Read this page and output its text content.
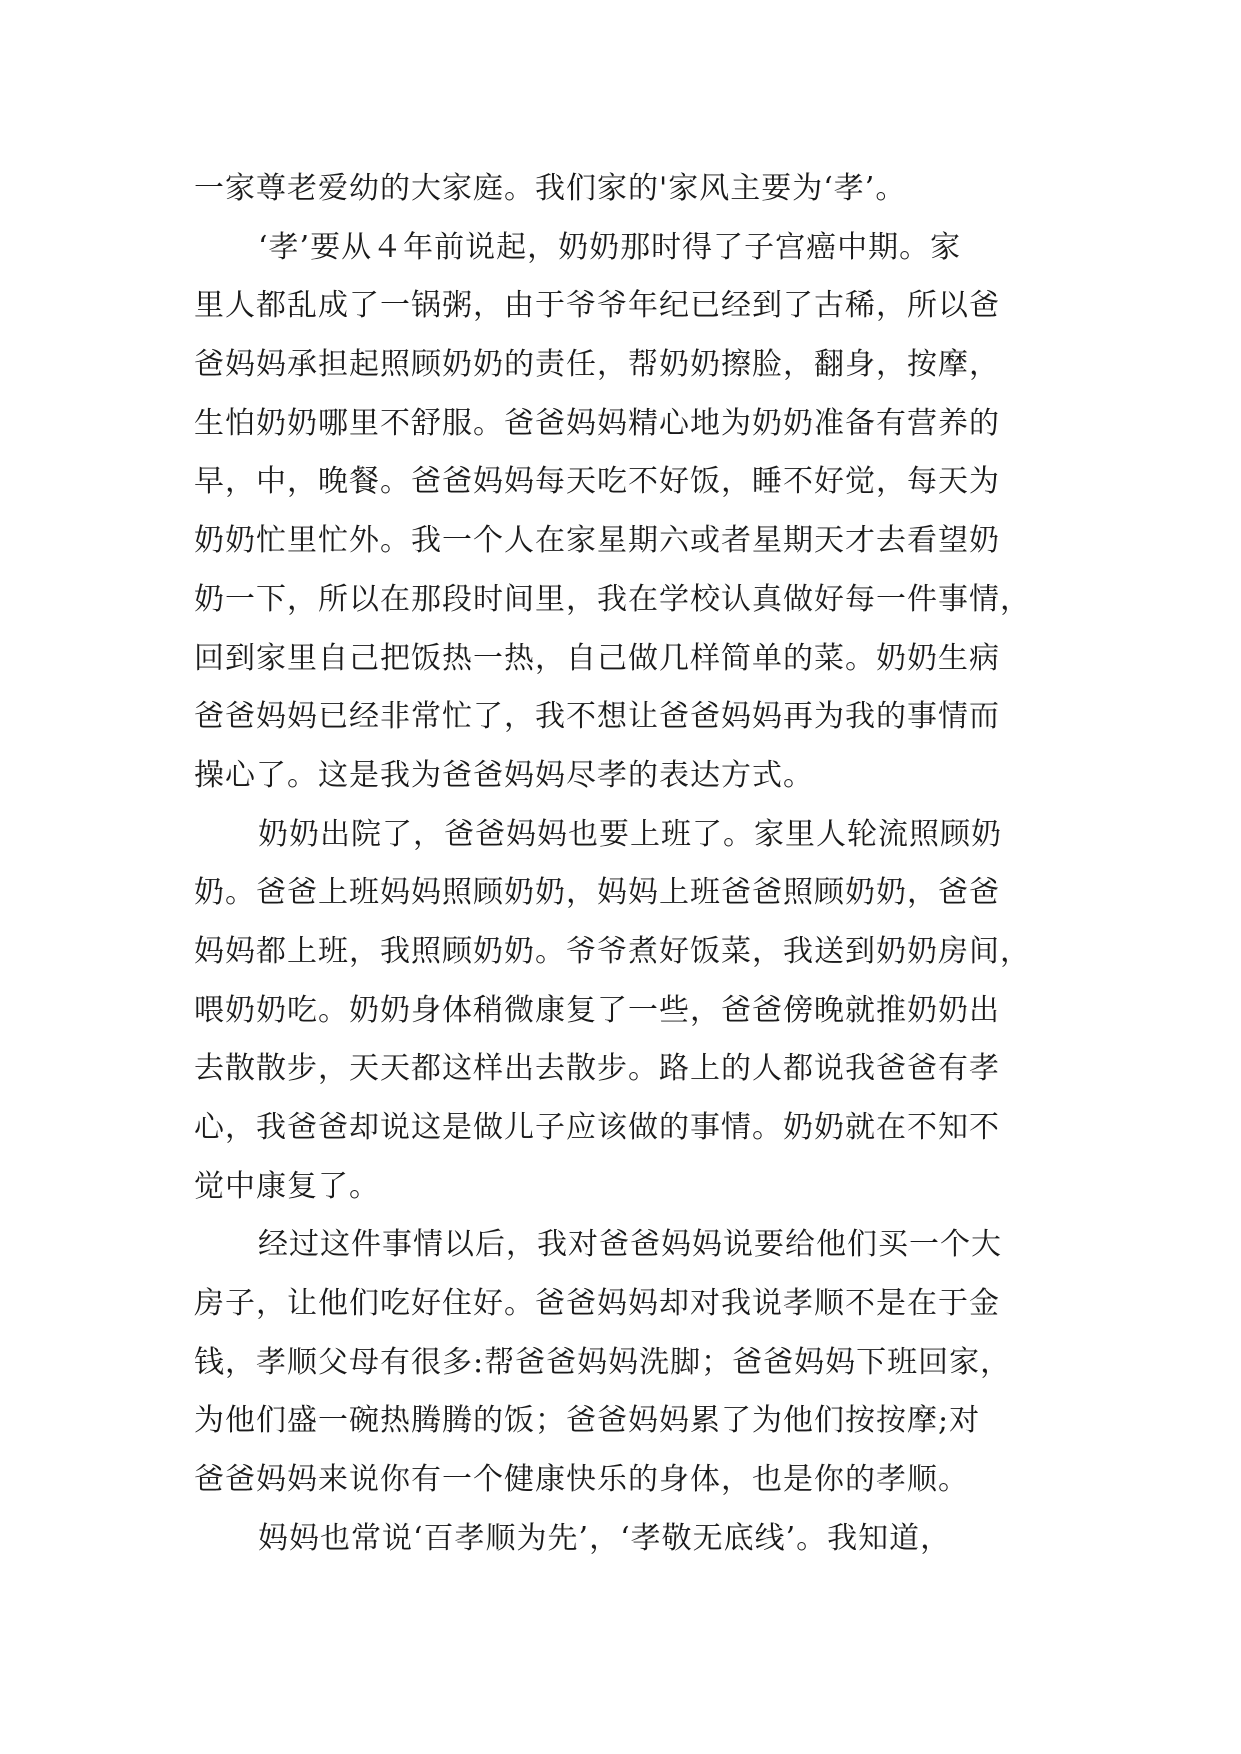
一家尊老爱幼的大家庭。我们家的'家风主要为‘孝’。
‘孝’要从４年前说起，奶奶那时得了子宫癌中期。家
里人都乱成了一锅粥，由于爷爷年纪已经到了古稀，所以爸
爸妈妈承担起照顾奶奶的责任，帮奶奶擦脸，翻身，按摩，
生怕奶奶哪里不舒服。爸爸妈妈精心地为奶奶准备有营养的
早，中，晚餐。爸爸妈妈每天吃不好饭，睡不好觉，每天为
奶奶忙里忙外。我一个人在家星期六或者星期天才去看望奶
奶一下，所以在那段时间里，我在学校认真做好每一件事情，
回到家里自己把饭热一热，自己做几样简单的菜。奶奶生病
爸爸妈妈已经非常忙了，我不想让爸爸妈妈再为我的事情而
操心了。这是我为爸爸妈妈尽孝的表达方式。
奶奶出院了，爸爸妈妈也要上班了。家里人轮流照顾奶
奶。爸爸上班妈妈照顾奶奶，妈妈上班爸爸照顾奶奶，爸爸
妈妈都上班，我照顾奶奶。爷爷煮好饭菜，我送到奶奶房间，
喂奶奶吃。奶奶身体稍微康复了一些，爸爸傍晚就推奶奶出
去散散步，天天都这样出去散步。路上的人都说我爸爸有孝
心，我爸爸却说这是做儿子应该做的事情。奶奶就在不知不
觉中康复了。
经过这件事情以后，我对爸爸妈妈说要给他们买一个大
房子，让他们吃好住好。爸爸妈妈却对我说孝顺不是在于金
钱，孝顺父母有很多:帮爸爸妈妈洗脚；爸爸妈妈下班回家，
为他们盛一碗热腾腾的饭；爸爸妈妈累了为他们按按摩;对
爸爸妈妈来说你有一个健康快乐的身体，也是你的孝顺。
妈妈也常说‘百孝顺为先’，‘孝敬无底线’。我知道，
